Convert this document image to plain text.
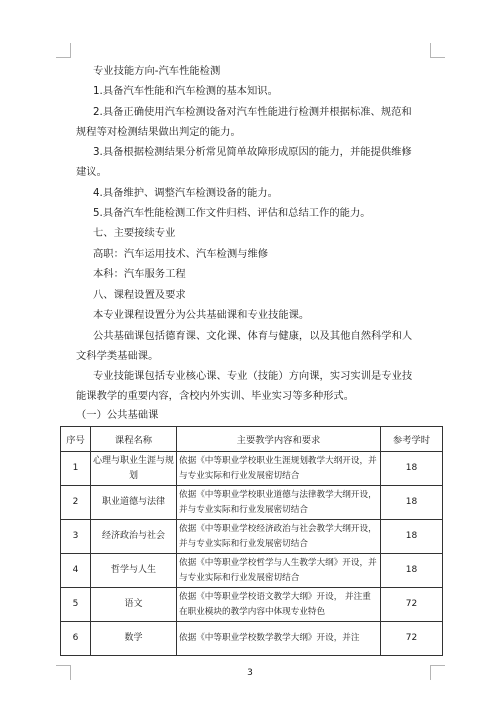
专业技能方向-汽车性能检测
1.具备汽车性能和汽车检测的基本知识。
2.具备正确使用汽车检测设备对汽车性能进行检测并根据标准、规范和
规程等对检测结果做出判定的能力。
3.具备根据检测结果分析常见简单故障形成原因的能力，并能提供维修
建议。
4.具备维护、调整汽车检测设备的能力。
5.具备汽车性能检测工作文件归档、评估和总结工作的能力。
七、主要接续专业
高职：汽车运用技术、汽车检测与维修
本科：汽车服务工程
八、课程设置及要求
本专业课程设置分为公共基础课和专业技能课。
公共基础课包括德育课、文化课、体育与健康，以及其他自然科学和人
文科学类基础课。
专业技能课包括专业核心课、专业（技能）方向课，实习实训是专业技
能课教学的重要内容，含校内外实训、毕业实习等多种形式。
（一）公共基础课
序号	课程名称	主要教学内容和要求	参考学时
1	心理与职业生涯与规划	依据《中等职业学校职业生涯规划教学大纲开设，并与专业实际和行业发展密切结合	18
2	职业道德与法律	依据《中等职业学校职业道德与法律教学大纲开设， 并与专业实际和行业发展密切结合	18
3	经济政治与社会	依据《中等职业学校经济政治与社会教学大纲开设，并与专业实际和行业发展密切结合	18
4	哲学与人生	依据《中等职业学校哲学与人生教学大纲》开设，并与专业实际和行业发展密切结合	18
5	语文	依据《中等职业学校语文教学大纲》开设， 并注重在职业模块的教学内容中体现专业特色	72
6	数学	依据《中等职业学校数学教学大纲》开设，并注	72
3
